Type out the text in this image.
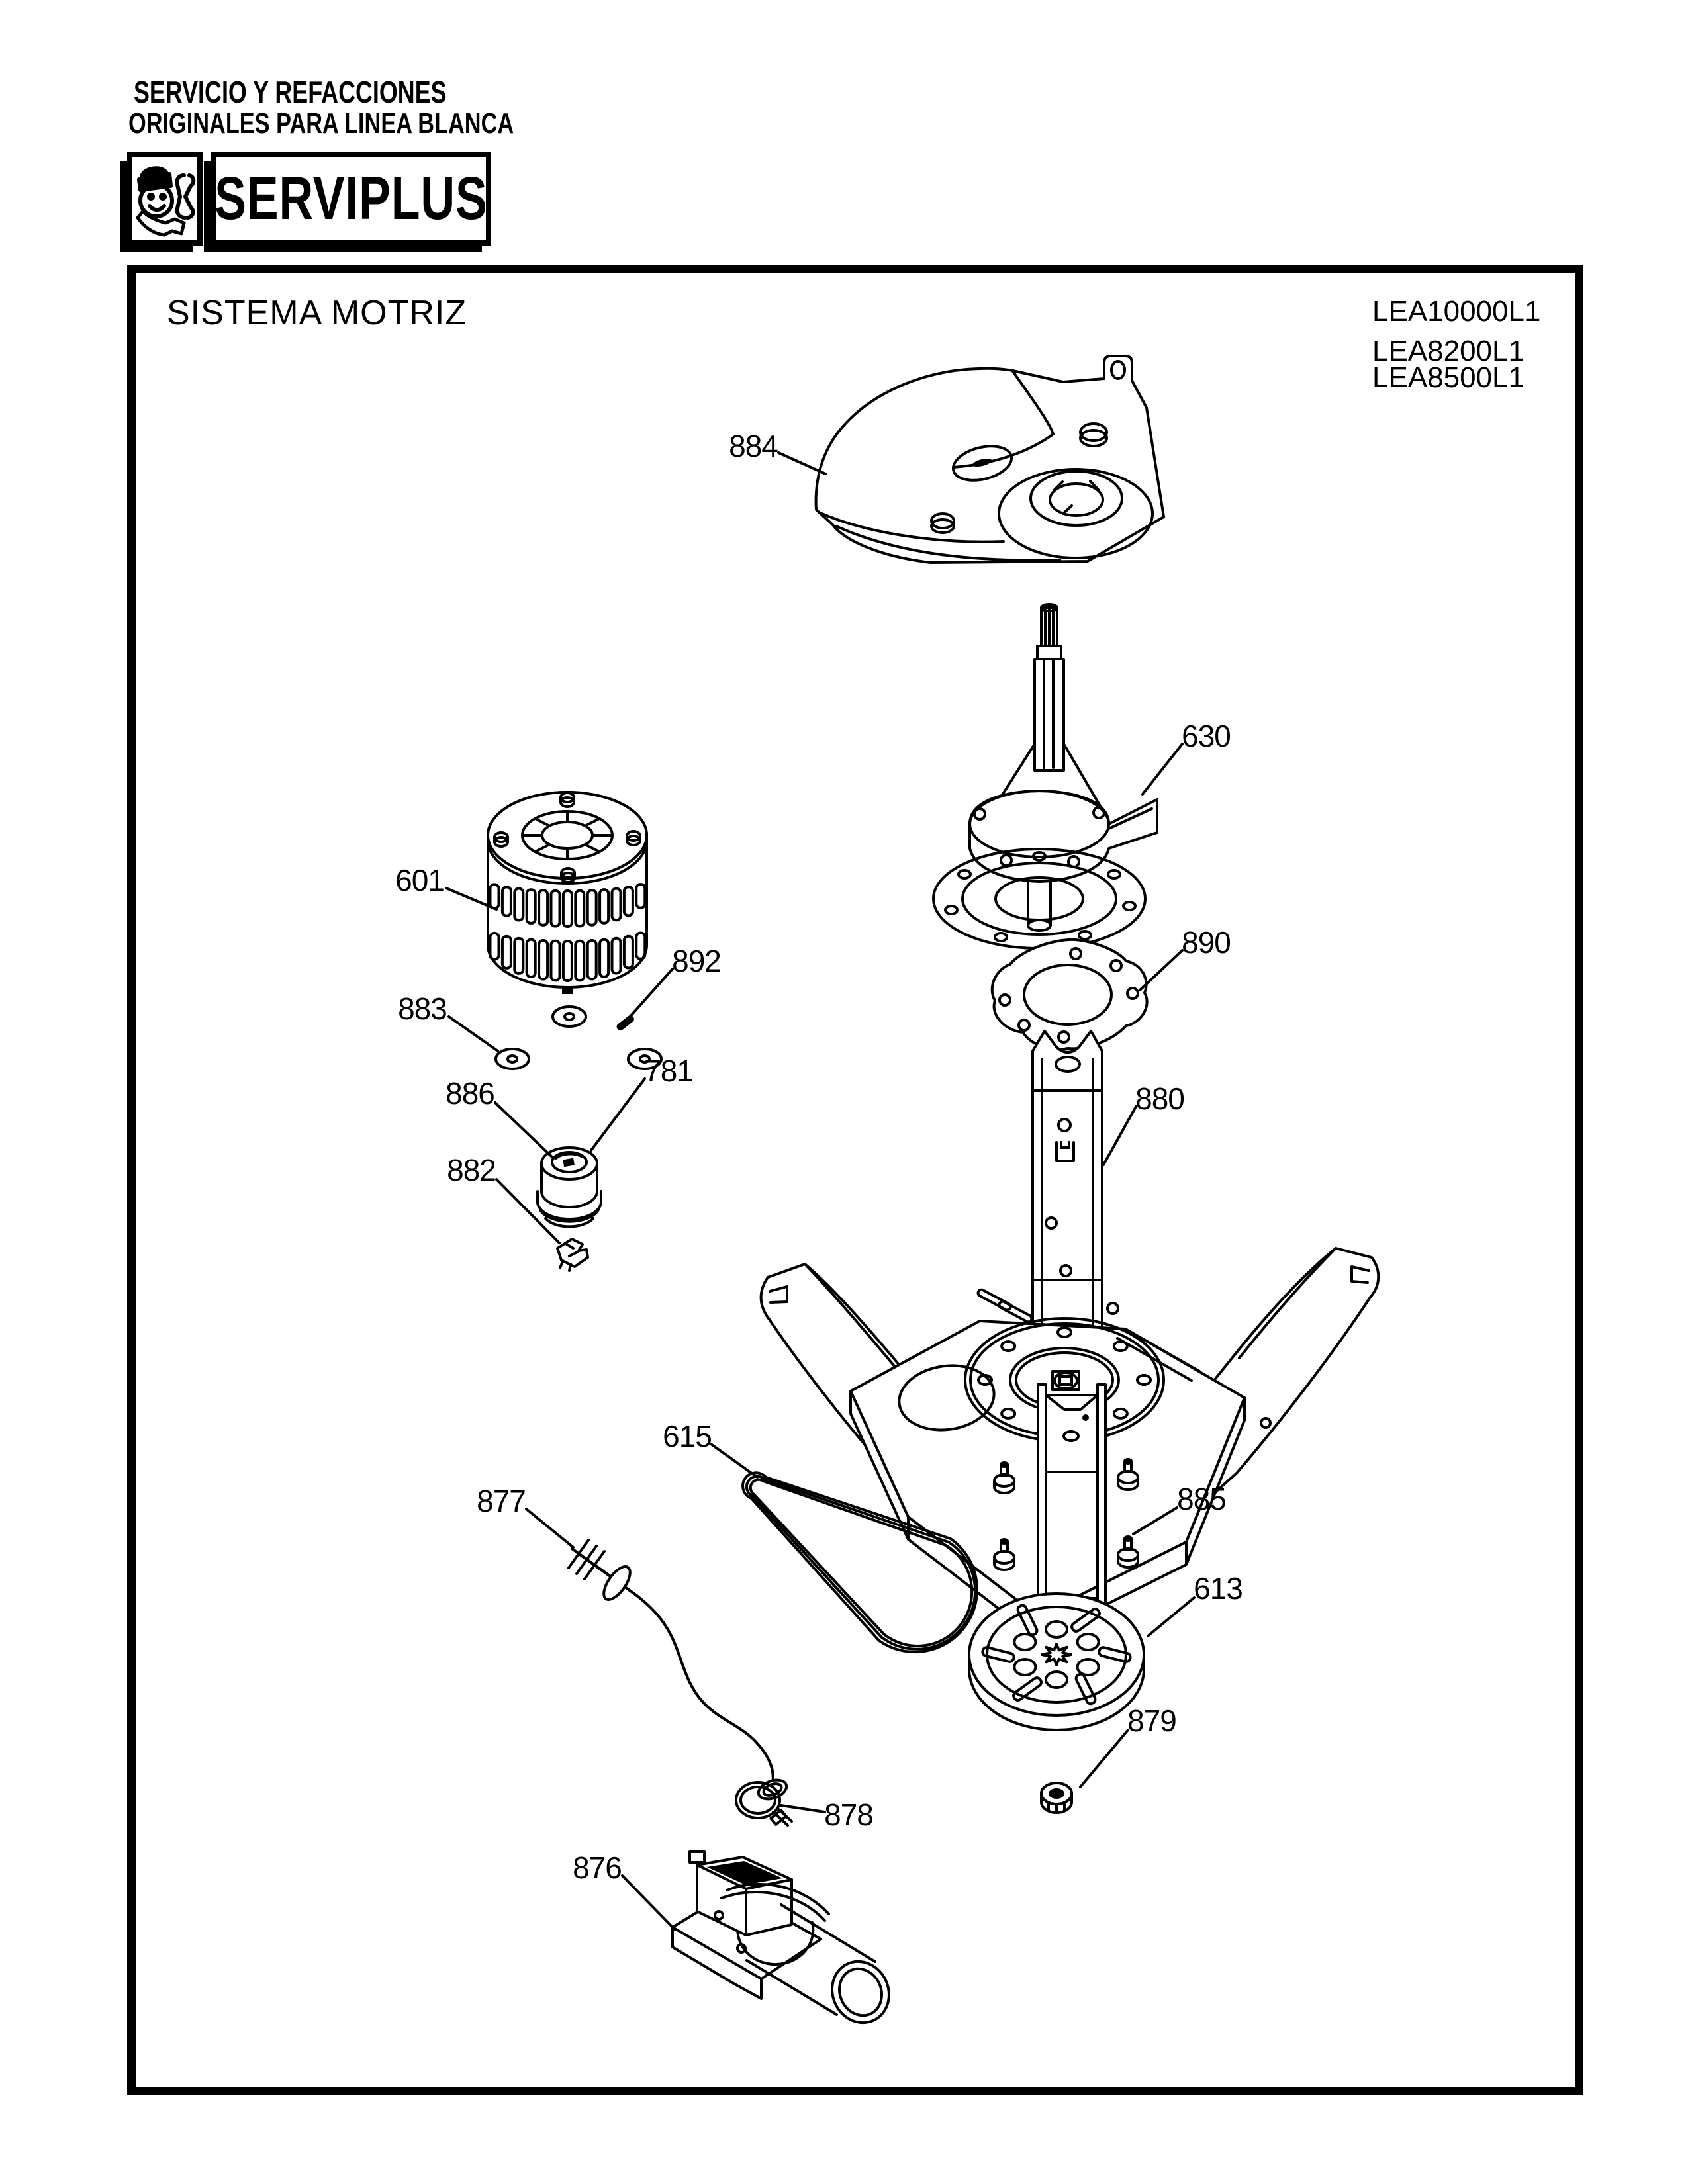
SERVICIO Y REFACCIONES
ORIGINALES PARA LINEA BLANCA
SERVIPLUS
SISTEMA MOTRIZ	LEA10000L1
LEA8200L1
LEA8500L1
884
630
601
892
883
890
781
886	880
882
615
877	885
613
879
878
876
